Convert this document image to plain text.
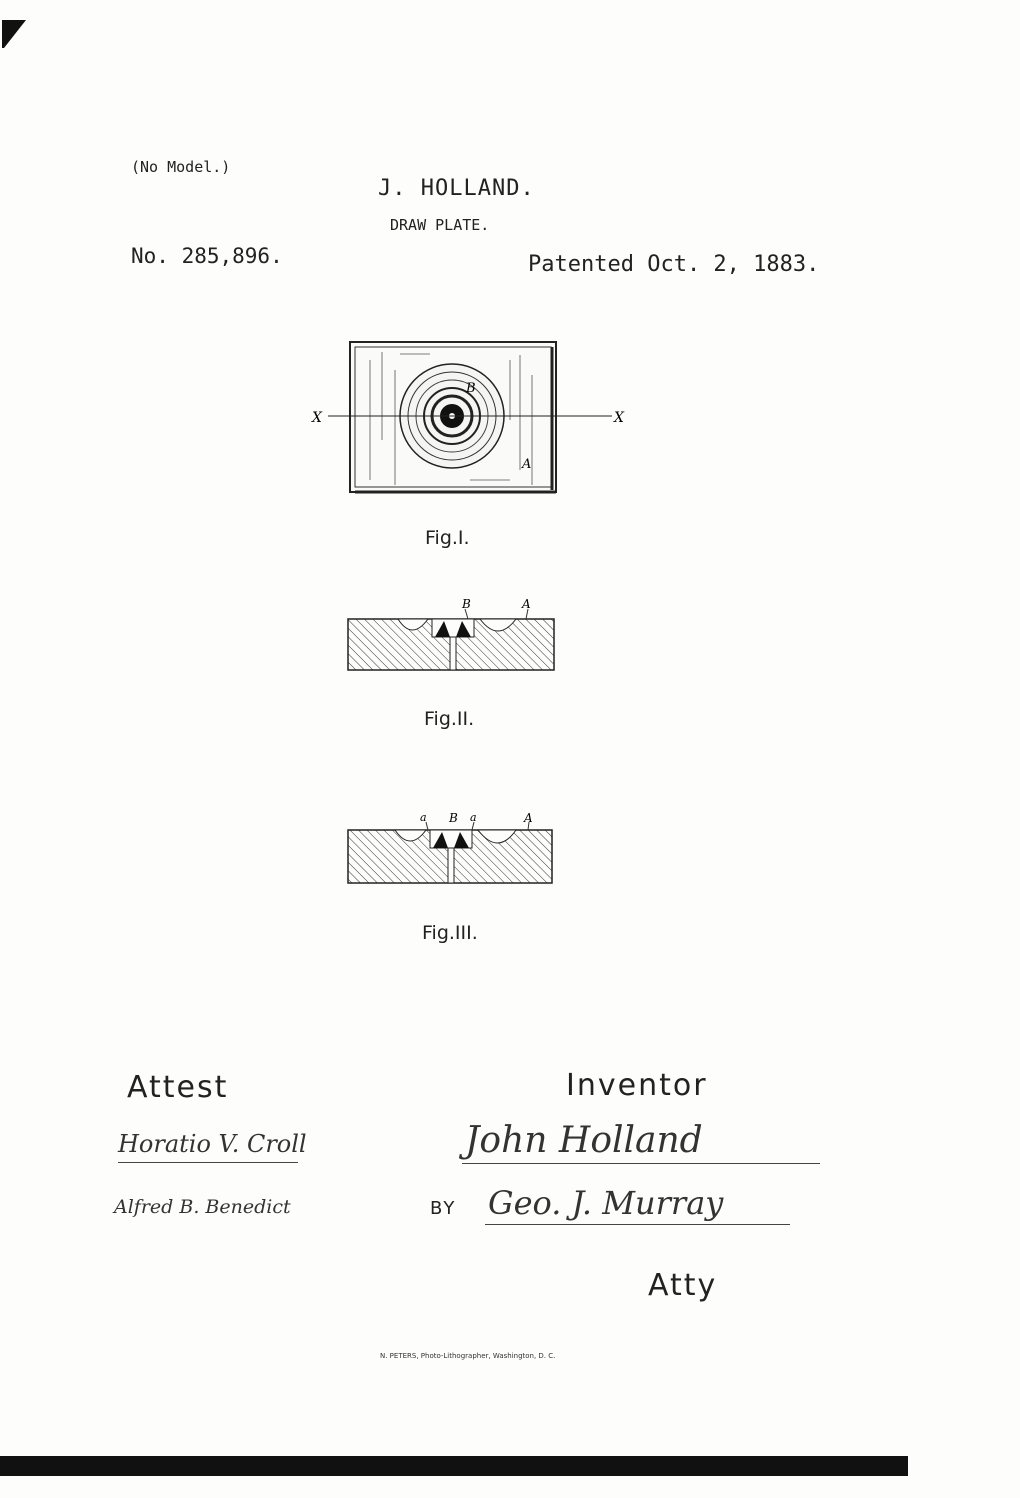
(No Model.)
J. HOLLAND.
DRAW PLATE.
No. 285,896.	Patented Oct. 2, 1883.
X	X
B
A
Fig.I.
B	A
Fig.II.
a B a	A
Fig.III.
Attest
Horatio V. Croll
Alfred B. Benedict
Inventor
John Holland
BY Geo. J. Murray
Atty
N. PETERS, Photo-Lithographer, Washington, D. C.
